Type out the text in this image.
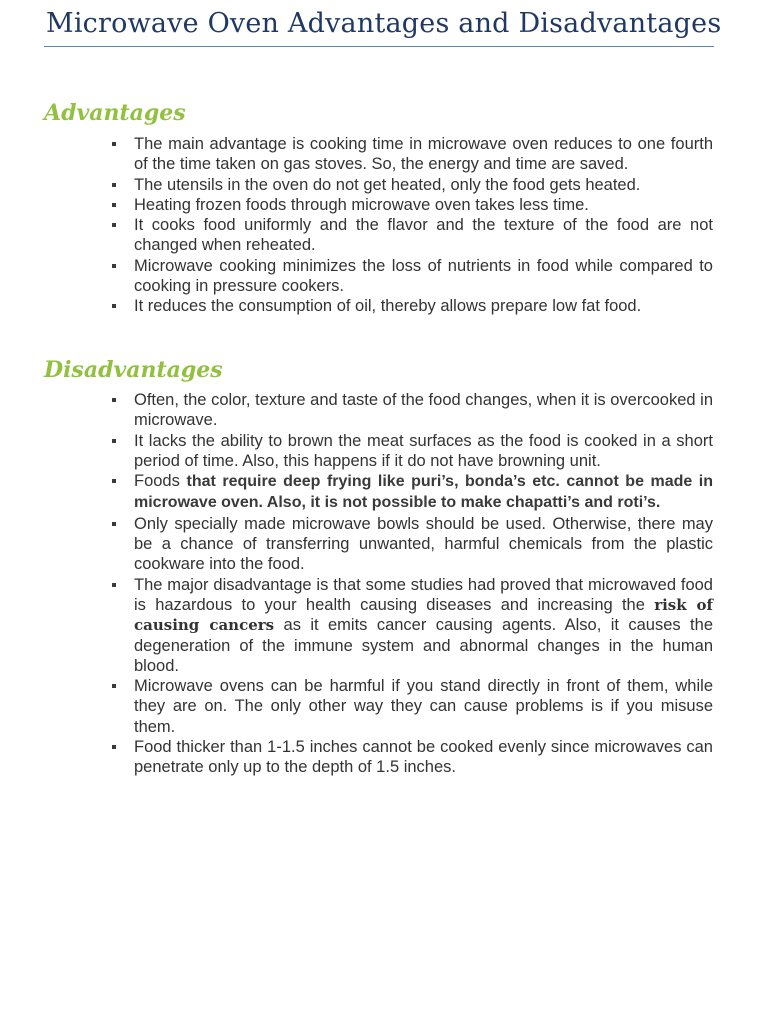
Microwave Oven Advantages and Disadvantages
Advantages
The main advantage is cooking time in microwave oven reduces to one fourth of the time taken on gas stoves. So, the energy and time are saved.
The utensils in the oven do not get heated, only the food gets heated.
Heating frozen foods through microwave oven takes less time.
It cooks food uniformly and the flavor and the texture of the food are not changed when reheated.
Microwave cooking minimizes the loss of nutrients in food while compared to cooking in pressure cookers.
It reduces the consumption of oil, thereby allows prepare low fat food.
Disadvantages
Often, the color, texture and taste of the food changes, when it is overcooked in microwave.
It lacks the ability to brown the meat surfaces as the food is cooked in a short period of time. Also, this happens if it do not have browning unit.
Foods that require deep frying like puri’s, bonda’s etc. cannot be made in microwave oven. Also, it is not possible to make chapatti’s and roti’s.
Only specially made microwave bowls should be used. Otherwise, there may be a chance of transferring unwanted, harmful chemicals from the plastic cookware into the food.
The major disadvantage is that some studies had proved that microwaved food is hazardous to your health causing diseases and increasing the risk of causing cancers as it emits cancer causing agents. Also, it causes the degeneration of the immune system and abnormal changes in the human blood.
Microwave ovens can be harmful if you stand directly in front of them, while they are on. The only other way they can cause problems is if you misuse them.
Food thicker than 1-1.5 inches cannot be cooked evenly since microwaves can penetrate only up to the depth of 1.5 inches.
